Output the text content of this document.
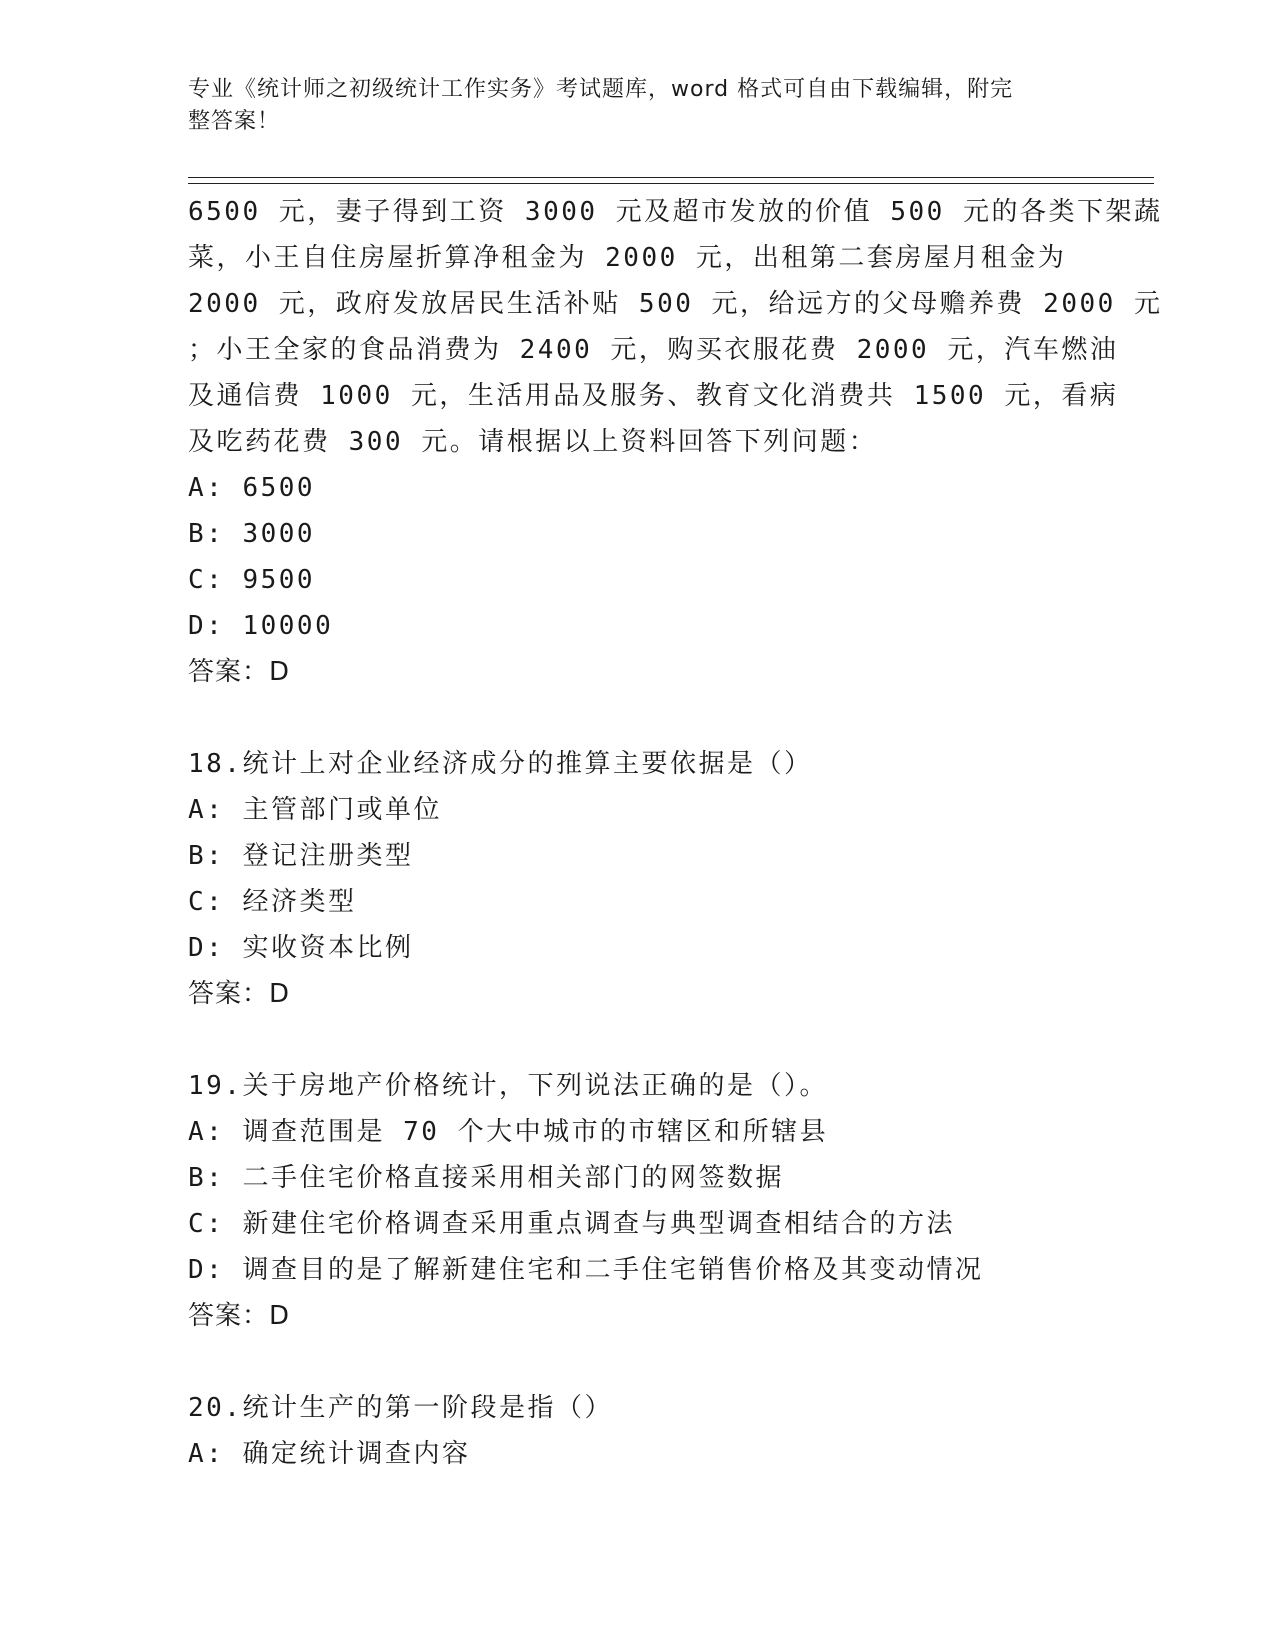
专业《统计师之初级统计工作实务》考试题库，word 格式可自由下载编辑，附完
整答案！
6500 元，妻子得到工资 3000 元及超市发放的价值 500 元的各类下架蔬
菜，小王自住房屋折算净租金为 2000 元，出租第二套房屋月租金为
2000 元，政府发放居民生活补贴 500 元，给远方的父母赡养费 2000 元
；小王全家的食品消费为 2400 元，购买衣服花费 2000 元，汽车燃油
及通信费 1000 元，生活用品及服务、教育文化消费共 1500 元，看病
及吃药花费 300 元。请根据以上资料回答下列问题：
A: 6500
B: 3000
C: 9500
D: 10000
答案：D
18.统计上对企业经济成分的推算主要依据是（）
A: 主管部门或单位
B: 登记注册类型
C: 经济类型
D: 实收资本比例
答案：D
19.关于房地产价格统计，下列说法正确的是（）。
A: 调查范围是 70 个大中城市的市辖区和所辖县
B: 二手住宅价格直接采用相关部门的网签数据
C: 新建住宅价格调查采用重点调查与典型调查相结合的方法
D: 调查目的是了解新建住宅和二手住宅销售价格及其变动情况
答案：D
20.统计生产的第一阶段是指（）
A: 确定统计调查内容
